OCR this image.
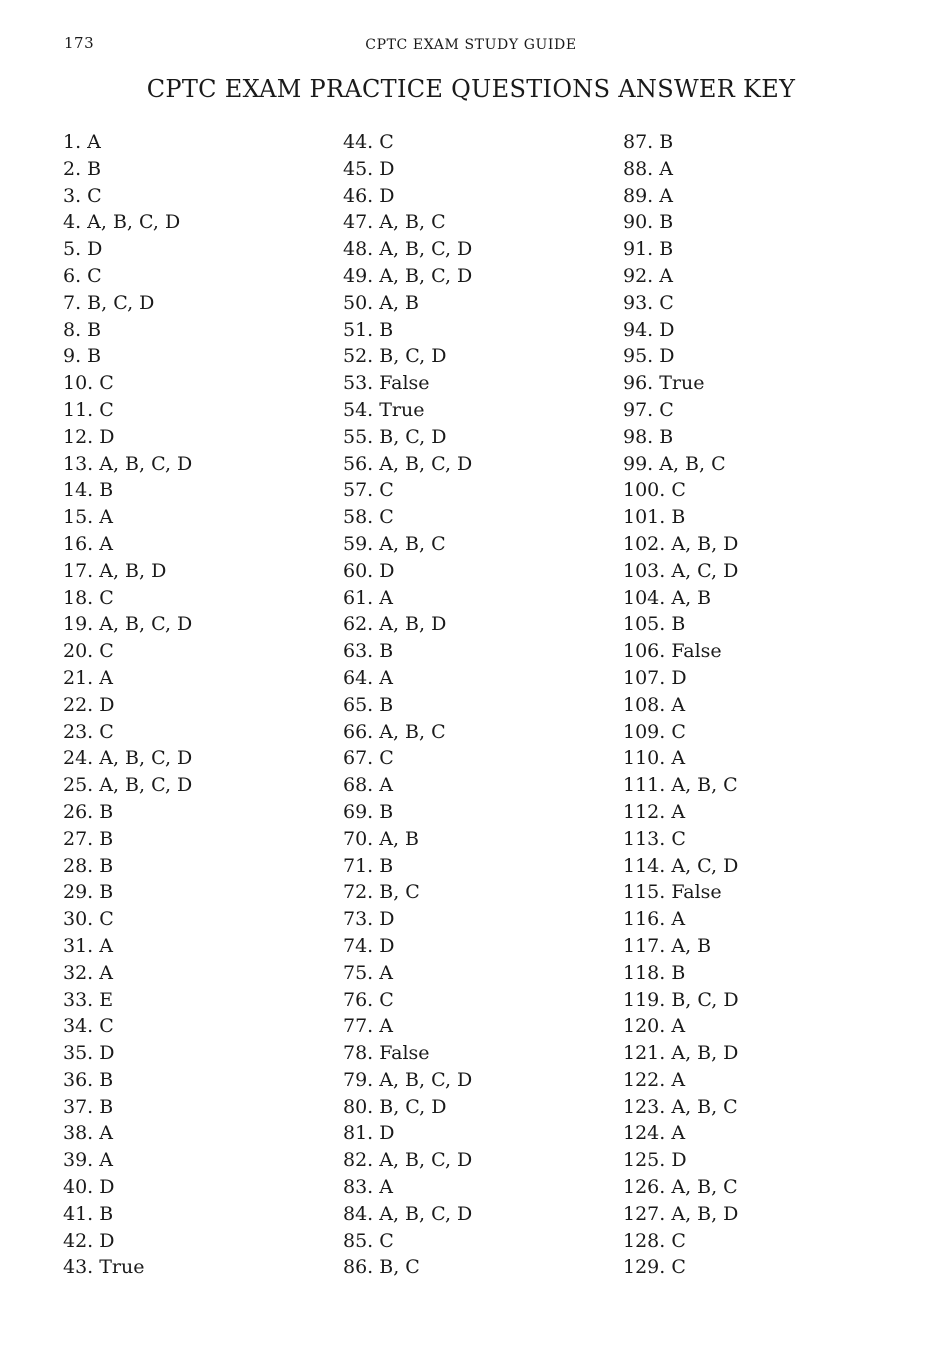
173	CPTC EXAM STUDY GUIDE
CPTC EXAM PRACTICE QUESTIONS ANSWER KEY
1. A
2. B
3. C
4. A, B, C, D
5. D
6. C
7. B, C, D
8. B
9. B
10. C
11. C
12. D
13. A, B, C, D
14. B
15. A
16. A
17. A, B, D
18. C
19. A, B, C, D
20. C
21. A
22. D
23. C
24. A, B, C, D
25. A, B, C, D
26. B
27. B
28. B
29. B
30. C
31. A
32. A
33. E
34. C
35. D
36. B
37. B
38. A
39. A
40. D
41. B
42. D
43. True
44. C
45. D
46. D
47. A, B, C
48. A, B, C, D
49. A, B, C, D
50. A, B
51. B
52. B, C, D
53. False
54. True
55. B, C, D
56. A, B, C, D
57. C
58. C
59. A, B, C
60. D
61. A
62. A, B, D
63. B
64. A
65. B
66. A, B, C
67. C
68. A
69. B
70. A, B
71. B
72. B, C
73. D
74. D
75. A
76. C
77. A
78. False
79. A, B, C, D
80. B, C, D
81. D
82. A, B, C, D
83. A
84. A, B, C, D
85. C
86. B, C
87. B
88. A
89. A
90. B
91. B
92. A
93. C
94. D
95. D
96. True
97. C
98. B
99. A, B, C
100. C
101. B
102. A, B, D
103. A, C, D
104. A, B
105. B
106. False
107. D
108. A
109. C
110. A
111. A, B, C
112. A
113. C
114. A, C, D
115. False
116. A
117. A, B
118. B
119. B, C, D
120. A
121. A, B, D
122. A
123. A, B, C
124. A
125. D
126. A, B, C
127. A, B, D
128. C
129. C
